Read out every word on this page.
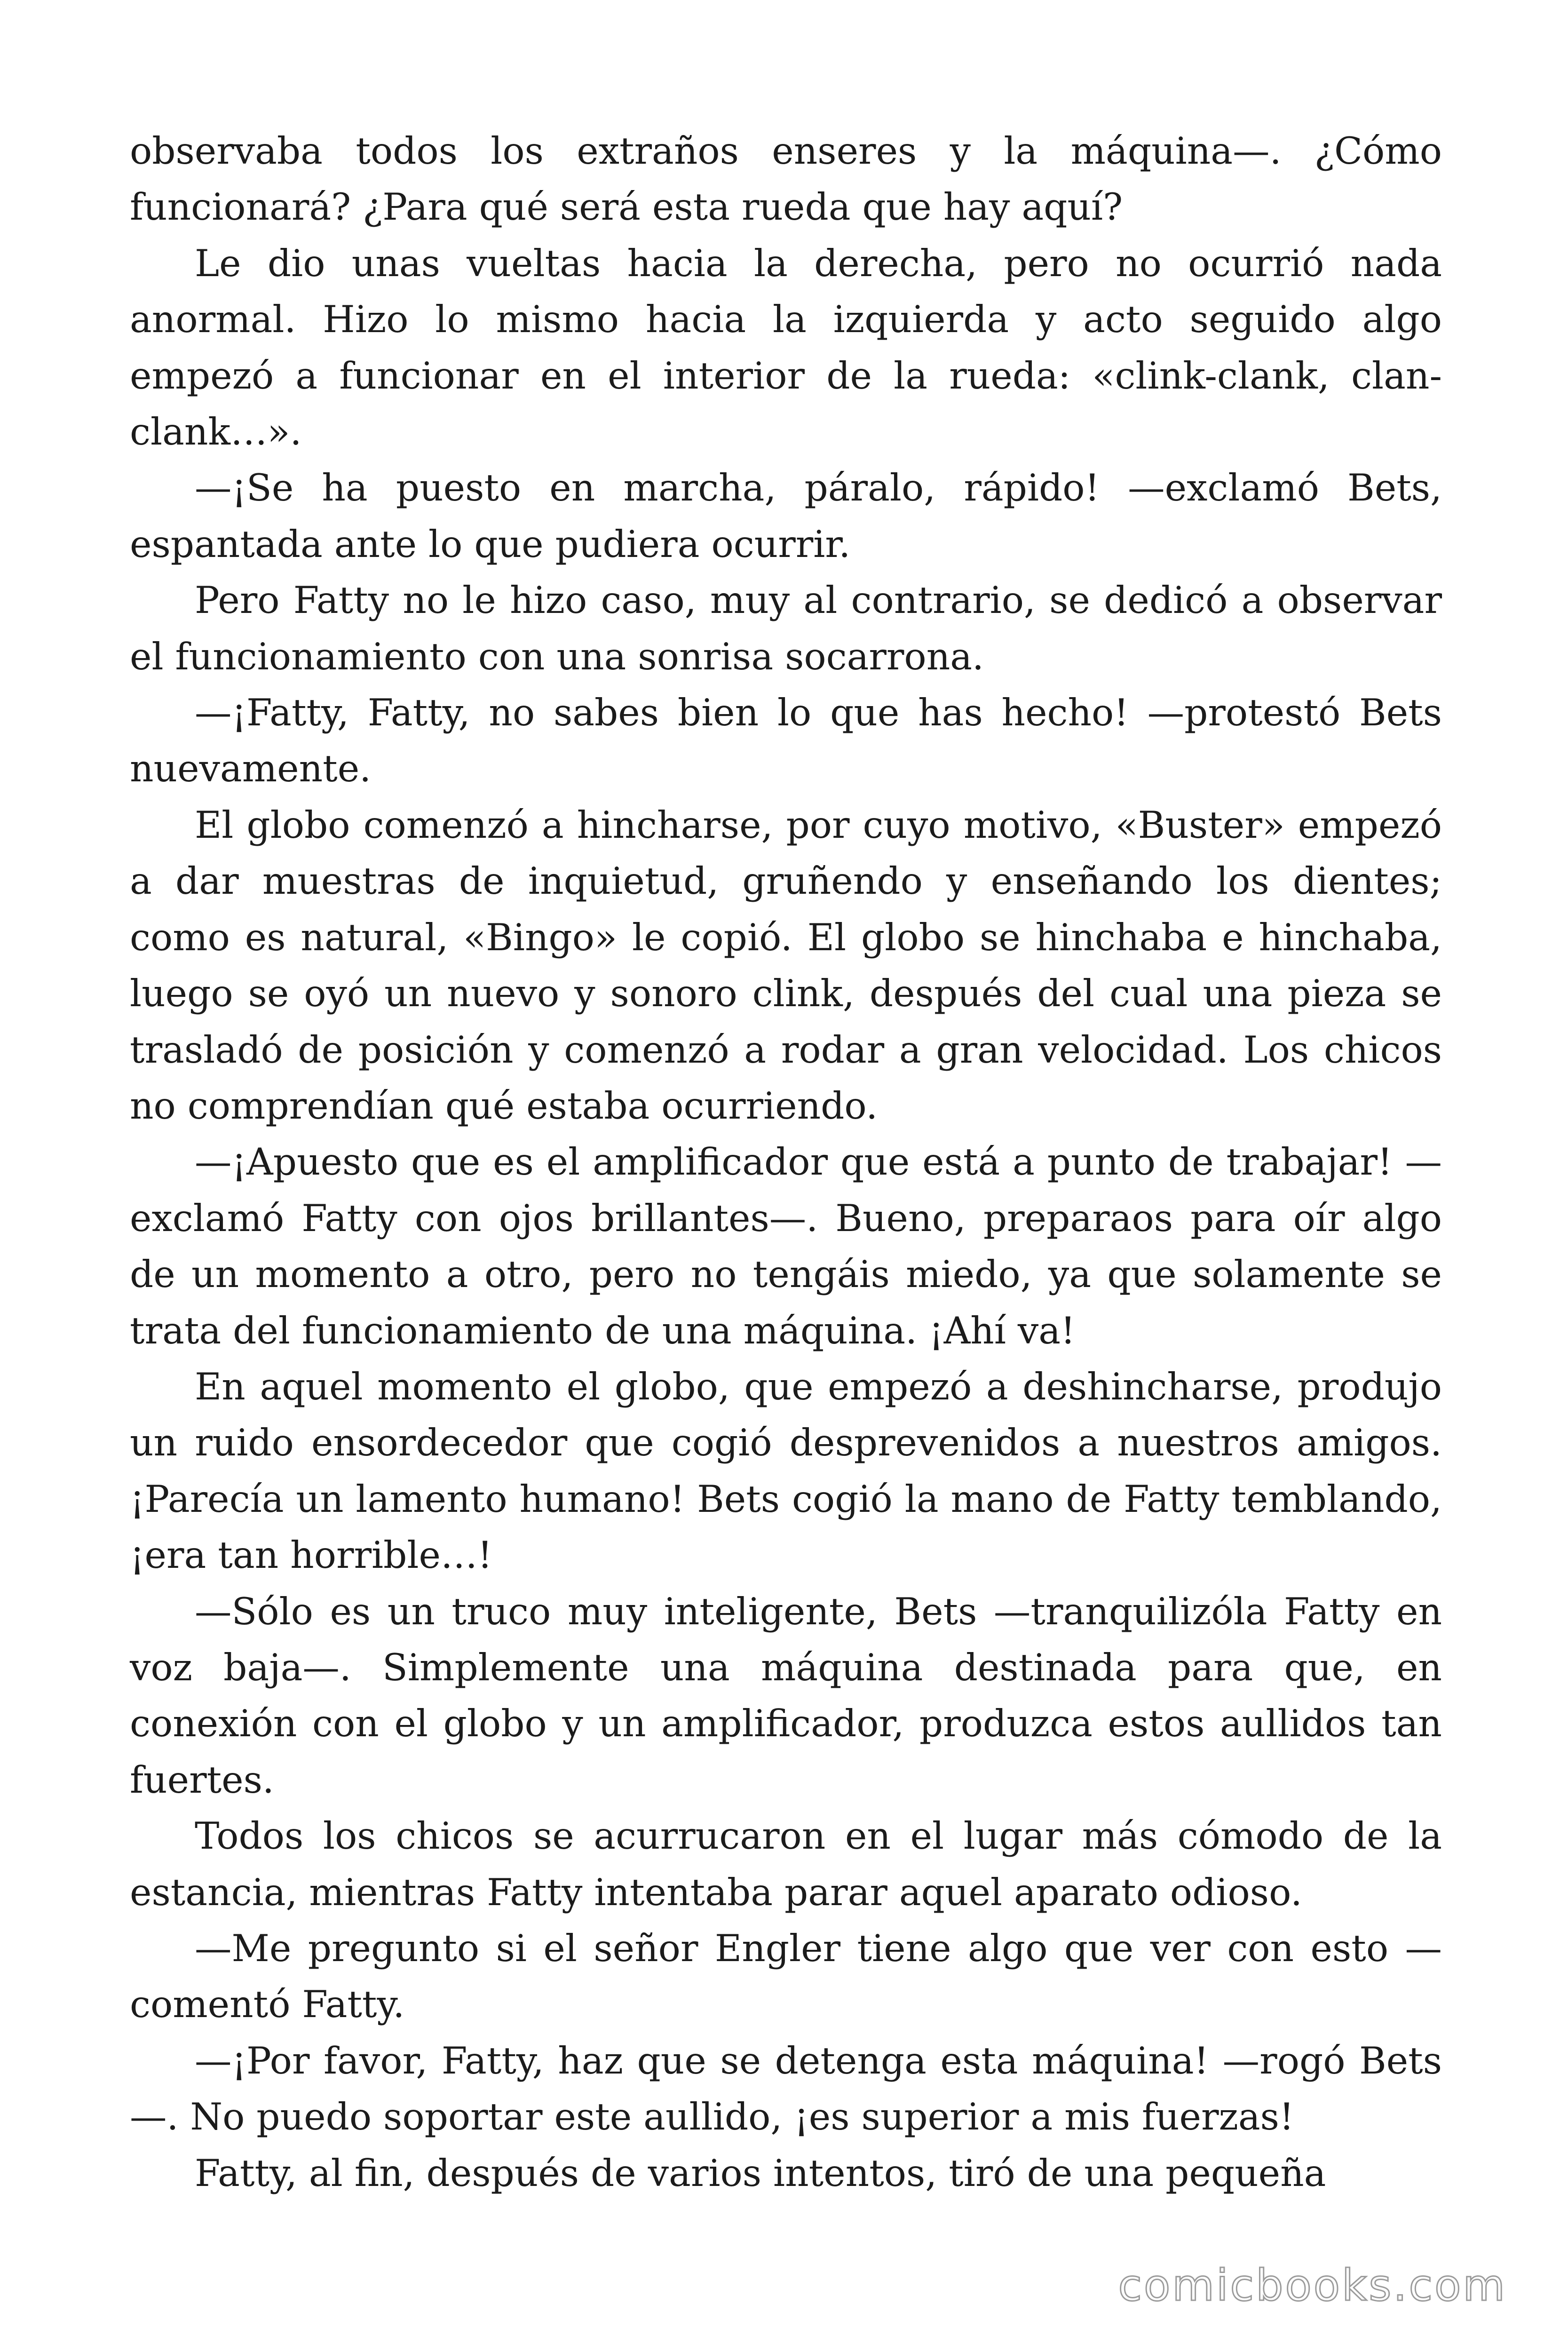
observaba todos los extraños enseres y la máquina—. ¿Cómo funcionará? ¿Para qué será esta rueda que hay aquí?

Le dio unas vueltas hacia la derecha, pero no ocurrió nada anormal. Hizo lo mismo hacia la izquierda y acto seguido algo empezó a funcionar en el interior de la rueda: «clink-clank, clan-clank…».

—¡Se ha puesto en marcha, páralo, rápido! —exclamó Bets, espantada ante lo que pudiera ocurrir.

Pero Fatty no le hizo caso, muy al contrario, se dedicó a observar el funcionamiento con una sonrisa socarrona.

—¡Fatty, Fatty, no sabes bien lo que has hecho! —protestó Bets nuevamente.

El globo comenzó a hincharse, por cuyo motivo, «Buster» empezó a dar muestras de inquietud, gruñendo y enseñando los dientes; como es natural, «Bingo» le copió. El globo se hinchaba e hinchaba, luego se oyó un nuevo y sonoro clink, después del cual una pieza se trasladó de posición y comenzó a rodar a gran velocidad. Los chicos no comprendían qué estaba ocurriendo.

—¡Apuesto que es el amplificador que está a punto de trabajar! —exclamó Fatty con ojos brillantes—. Bueno, preparaos para oír algo de un momento a otro, pero no tengáis miedo, ya que solamente se trata del funcionamiento de una máquina. ¡Ahí va!

En aquel momento el globo, que empezó a deshincharse, produjo un ruido ensordecedor que cogió desprevenidos a nuestros amigos. ¡Parecía un lamento humano! Bets cogió la mano de Fatty temblando, ¡era tan horrible…!

—Sólo es un truco muy inteligente, Bets —tranquilizóla Fatty en voz baja—. Simplemente una máquina destinada para que, en conexión con el globo y un amplificador, produzca estos aullidos tan fuertes.

Todos los chicos se acurrucaron en el lugar más cómodo de la estancia, mientras Fatty intentaba parar aquel aparato odioso.

—Me pregunto si el señor Engler tiene algo que ver con esto —comentó Fatty.

—¡Por favor, Fatty, haz que se detenga esta máquina! —rogó Bets—. No puedo soportar este aullido, ¡es superior a mis fuerzas!

Fatty, al fin, después de varios intentos, tiró de una pequeña

comicbooks.com
